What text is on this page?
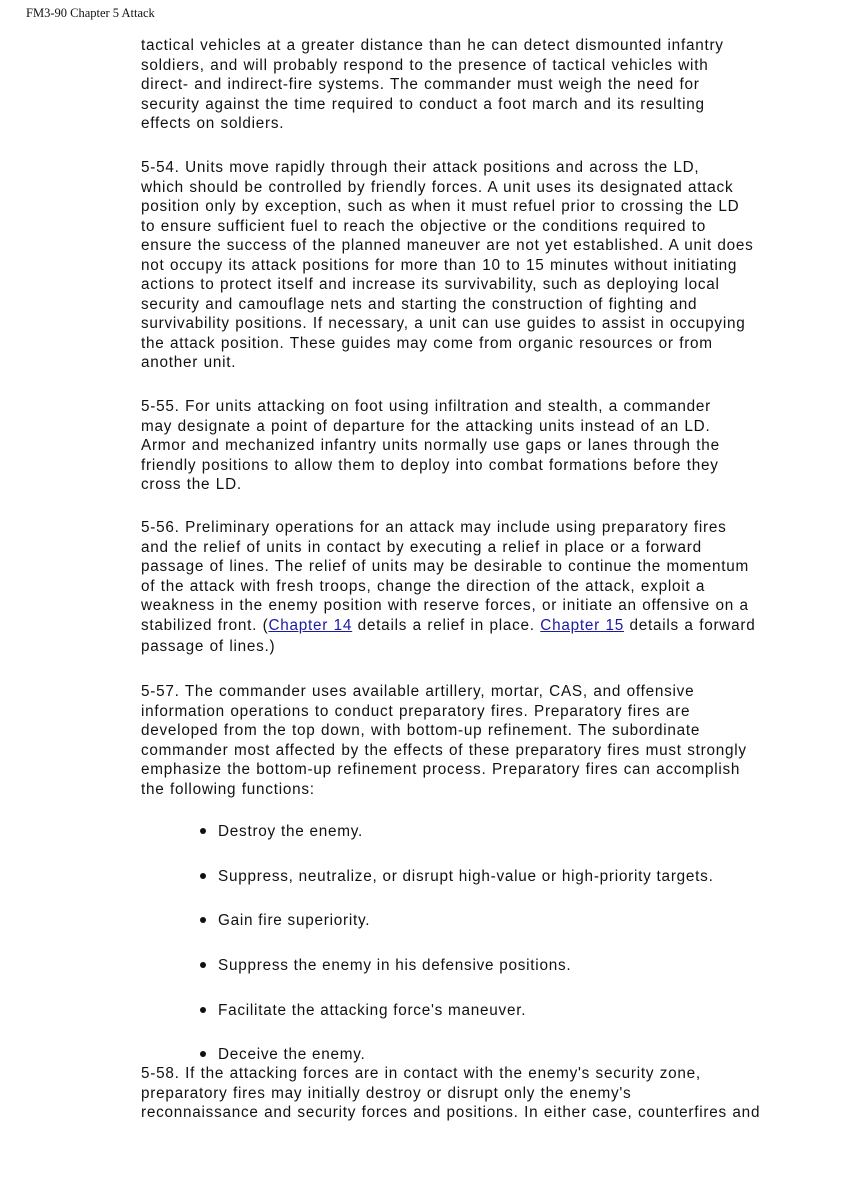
FM3-90 Chapter 5 Attack
tactical vehicles at a greater distance than he can detect dismounted infantry
soldiers, and will probably respond to the presence of tactical vehicles with
direct- and indirect-fire systems. The commander must weigh the need for
security against the time required to conduct a foot march and its resulting
effects on soldiers.
5-54. Units move rapidly through their attack positions and across the LD,
which should be controlled by friendly forces. A unit uses its designated attack
position only by exception, such as when it must refuel prior to crossing the LD
to ensure sufficient fuel to reach the objective or the conditions required to
ensure the success of the planned maneuver are not yet established. A unit does
not occupy its attack positions for more than 10 to 15 minutes without initiating
actions to protect itself and increase its survivability, such as deploying local
security and camouflage nets and starting the construction of fighting and
survivability positions. If necessary, a unit can use guides to assist in occupying
the attack position. These guides may come from organic resources or from
another unit.
5-55. For units attacking on foot using infiltration and stealth, a commander
may designate a point of departure for the attacking units instead of an LD.
Armor and mechanized infantry units normally use gaps or lanes through the
friendly positions to allow them to deploy into combat formations before they
cross the LD.
5-56. Preliminary operations for an attack may include using preparatory fires
and the relief of units in contact by executing a relief in place or a forward
passage of lines. The relief of units may be desirable to continue the momentum
of the attack with fresh troops, change the direction of the attack, exploit a
weakness in the enemy position with reserve forces, or initiate an offensive on a
stabilized front. (Chapter 14 details a relief in place. Chapter 15 details a forward
passage of lines.)
5-57. The commander uses available artillery, mortar, CAS, and offensive
information operations to conduct preparatory fires. Preparatory fires are
developed from the top down, with bottom-up refinement. The subordinate
commander most affected by the effects of these preparatory fires must strongly
emphasize the bottom-up refinement process. Preparatory fires can accomplish
the following functions:
Destroy the enemy.
Suppress, neutralize, or disrupt high-value or high-priority targets.
Gain fire superiority.
Suppress the enemy in his defensive positions.
Facilitate the attacking force's maneuver.
Deceive the enemy.
5-58. If the attacking forces are in contact with the enemy's security zone,
preparatory fires may initially destroy or disrupt only the enemy's
reconnaissance and security forces and positions. In either case, counterfires and
